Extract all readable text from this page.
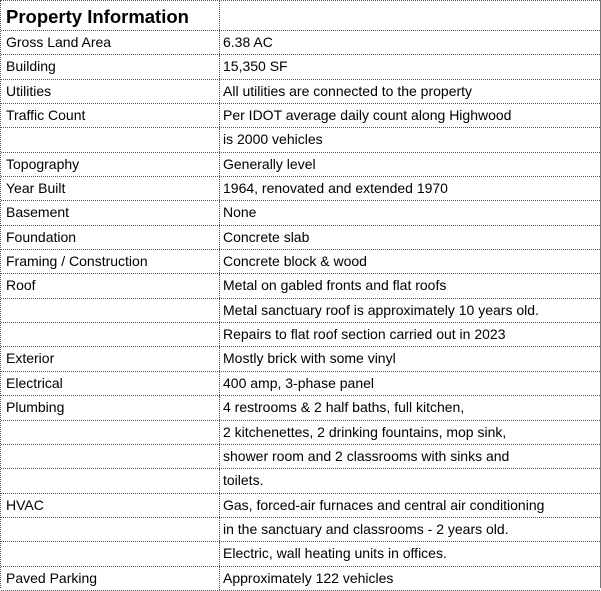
Property Information
Gross Land Area	6.38 AC
Building	15,350 SF
Utilities	All utilities are connected to the property
Traffic Count	Per IDOT average daily count along Highwood
is 2000 vehicles
Topography	Generally level
Year Built	1964, renovated and extended 1970
Basement	None
Foundation	Concrete slab
Framing / Construction	Concrete block & wood
Roof	Metal on gabled fronts and flat roofs
Metal sanctuary roof is approximately 10 years old.
Repairs to flat roof section carried out in 2023
Exterior	Mostly brick with some vinyl
Electrical	400 amp, 3-phase panel
Plumbing	4 restrooms & 2 half baths, full kitchen,
2 kitchenettes, 2 drinking fountains, mop sink,
shower room and 2 classrooms with sinks and
toilets.
HVAC	Gas, forced-air furnaces and central air conditioning
in the sanctuary and classrooms - 2 years old.
Electric, wall heating units in offices.
Paved Parking	Approximately 122 vehicles
